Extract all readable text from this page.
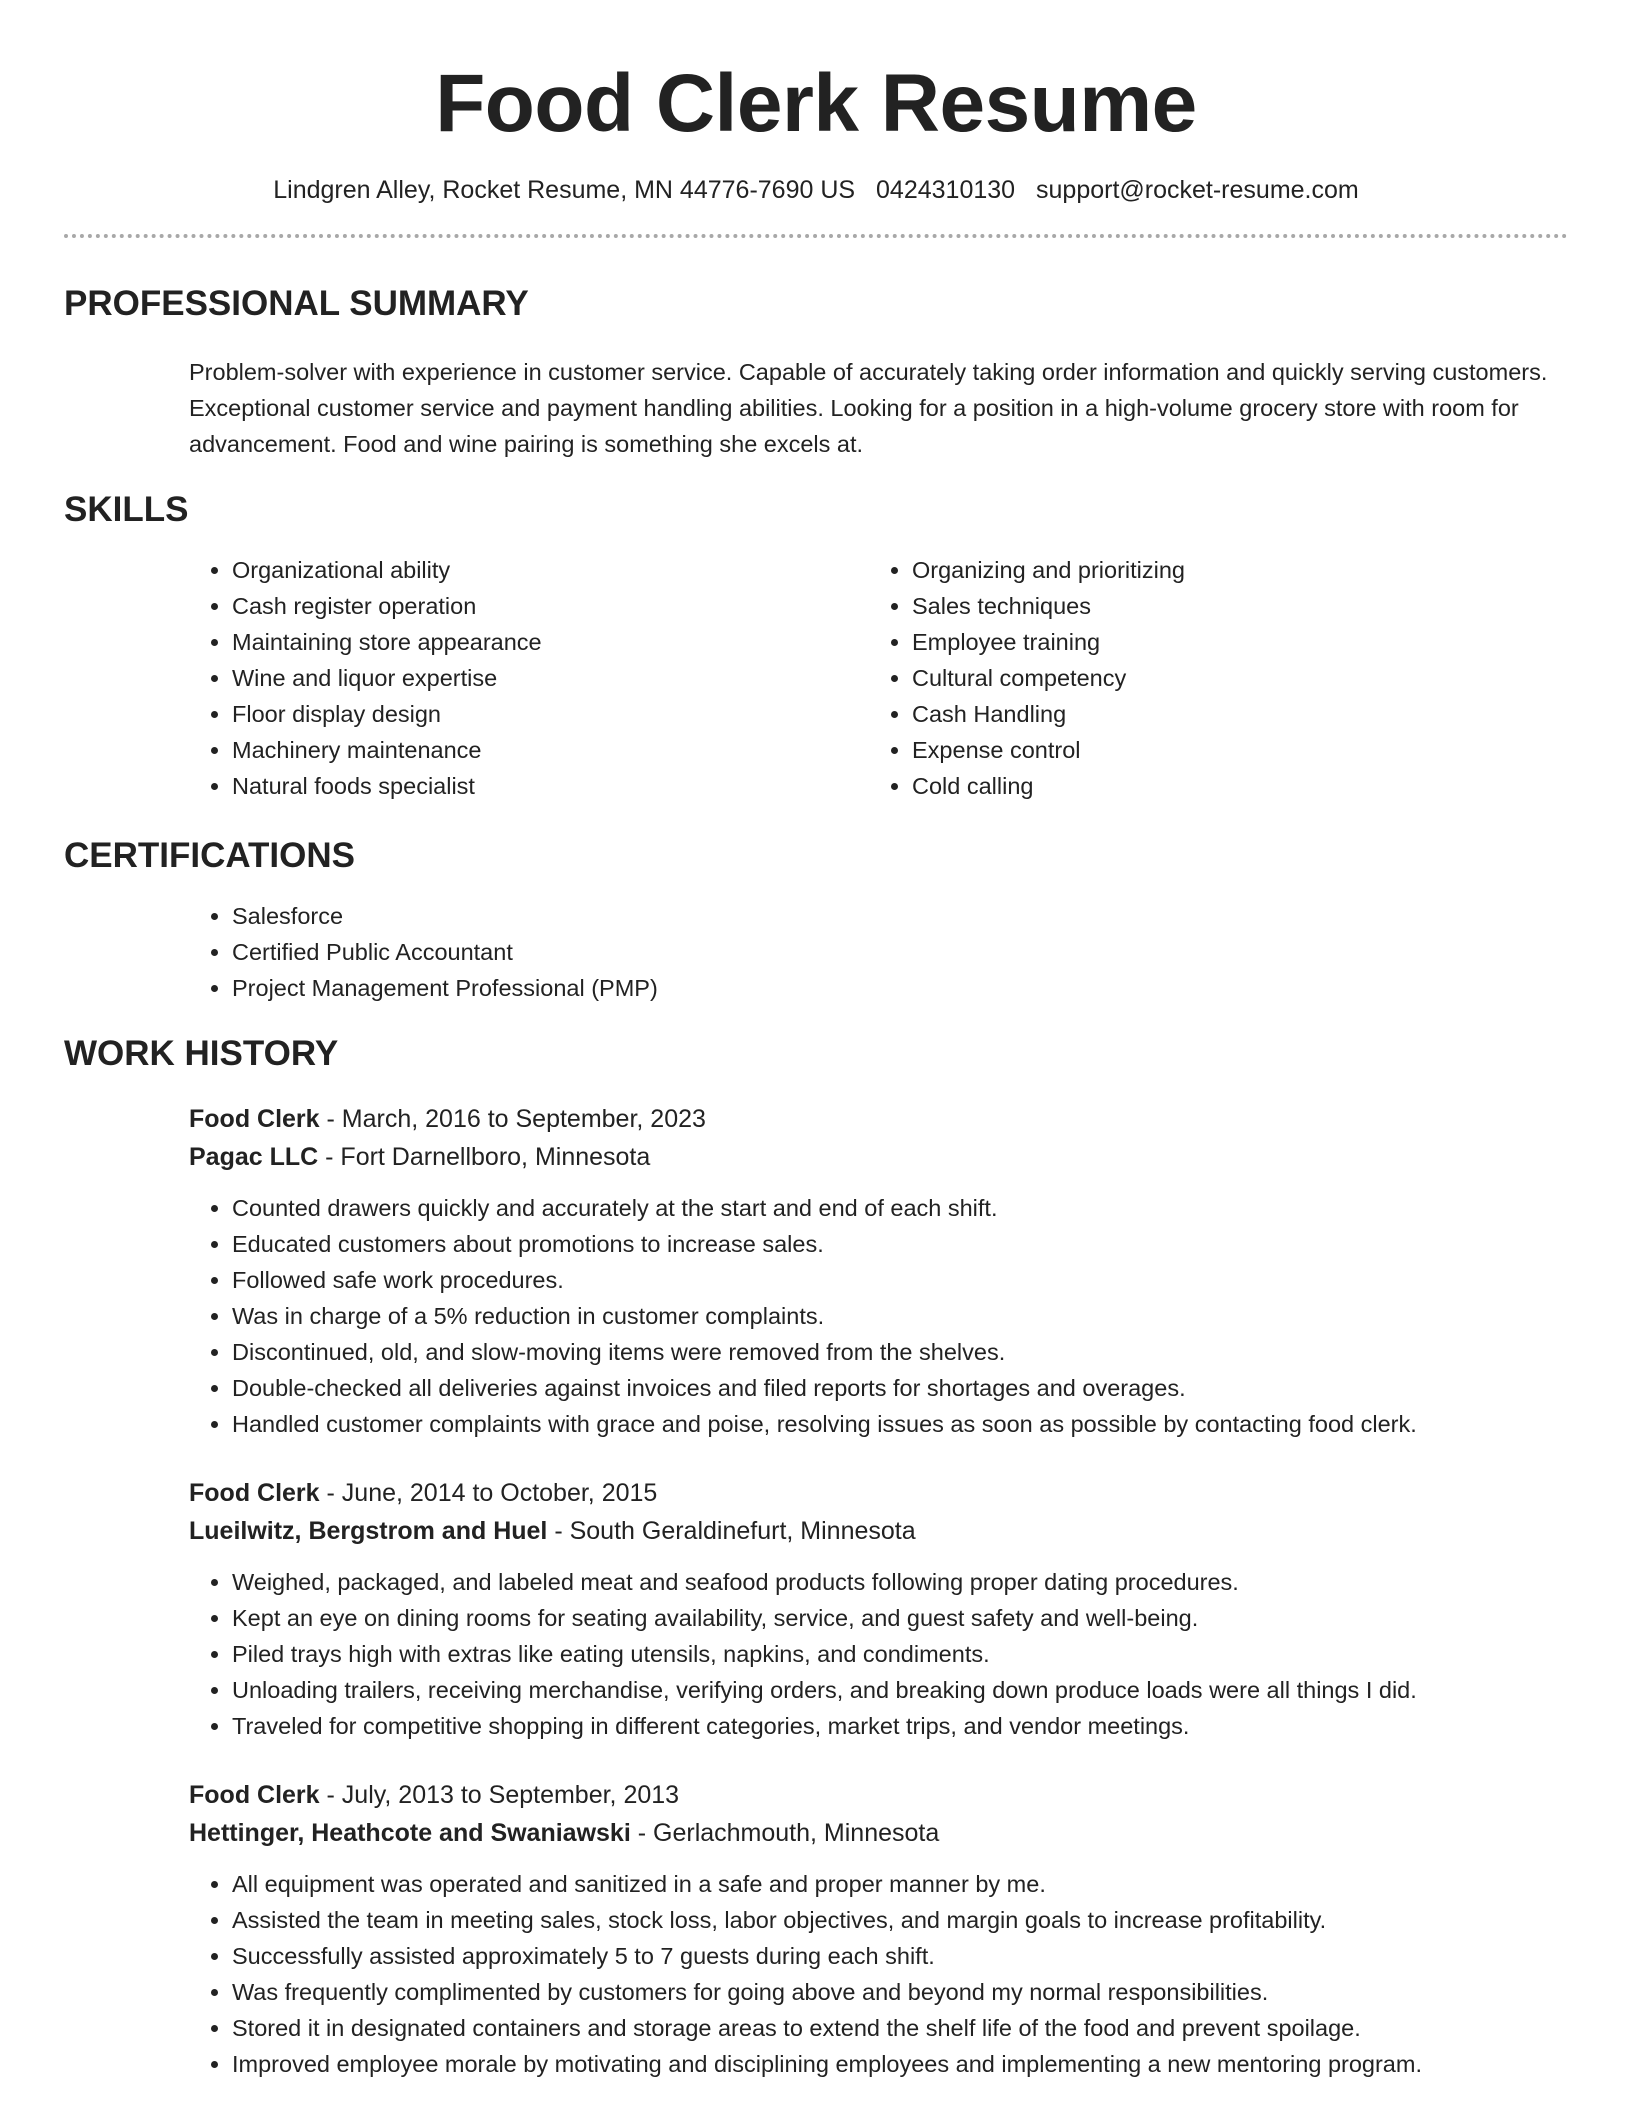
Food Clerk Resume
Lindgren Alley, Rocket Resume, MN 44776-7690 US 0424310130 support@rocket-resume.com
PROFESSIONAL SUMMARY
Problem-solver with experience in customer service. Capable of accurately taking order information and quickly serving customers. Exceptional customer service and payment handling abilities. Looking for a position in a high-volume grocery store with room for advancement. Food and wine pairing is something she excels at.
SKILLS
• Organizational ability
• Cash register operation
• Maintaining store appearance
• Wine and liquor expertise
• Floor display design
• Machinery maintenance
• Natural foods specialist
• Organizing and prioritizing
• Sales techniques
• Employee training
• Cultural competency
• Cash Handling
• Expense control
• Cold calling
CERTIFICATIONS
• Salesforce
• Certified Public Accountant
• Project Management Professional (PMP)
WORK HISTORY
Food Clerk - March, 2016 to September, 2023
Pagac LLC - Fort Darnellboro, Minnesota
• Counted drawers quickly and accurately at the start and end of each shift.
• Educated customers about promotions to increase sales.
• Followed safe work procedures.
• Was in charge of a 5% reduction in customer complaints.
• Discontinued, old, and slow-moving items were removed from the shelves.
• Double-checked all deliveries against invoices and filed reports for shortages and overages.
• Handled customer complaints with grace and poise, resolving issues as soon as possible by contacting food clerk.
Food Clerk - June, 2014 to October, 2015
Lueilwitz, Bergstrom and Huel - South Geraldinefurt, Minnesota
• Weighed, packaged, and labeled meat and seafood products following proper dating procedures.
• Kept an eye on dining rooms for seating availability, service, and guest safety and well-being.
• Piled trays high with extras like eating utensils, napkins, and condiments.
• Unloading trailers, receiving merchandise, verifying orders, and breaking down produce loads were all things I did.
• Traveled for competitive shopping in different categories, market trips, and vendor meetings.
Food Clerk - July, 2013 to September, 2013
Hettinger, Heathcote and Swaniawski - Gerlachmouth, Minnesota
• All equipment was operated and sanitized in a safe and proper manner by me.
• Assisted the team in meeting sales, stock loss, labor objectives, and margin goals to increase profitability.
• Successfully assisted approximately 5 to 7 guests during each shift.
• Was frequently complimented by customers for going above and beyond my normal responsibilities.
• Stored it in designated containers and storage areas to extend the shelf life of the food and prevent spoilage.
• Improved employee morale by motivating and disciplining employees and implementing a new mentoring program.
